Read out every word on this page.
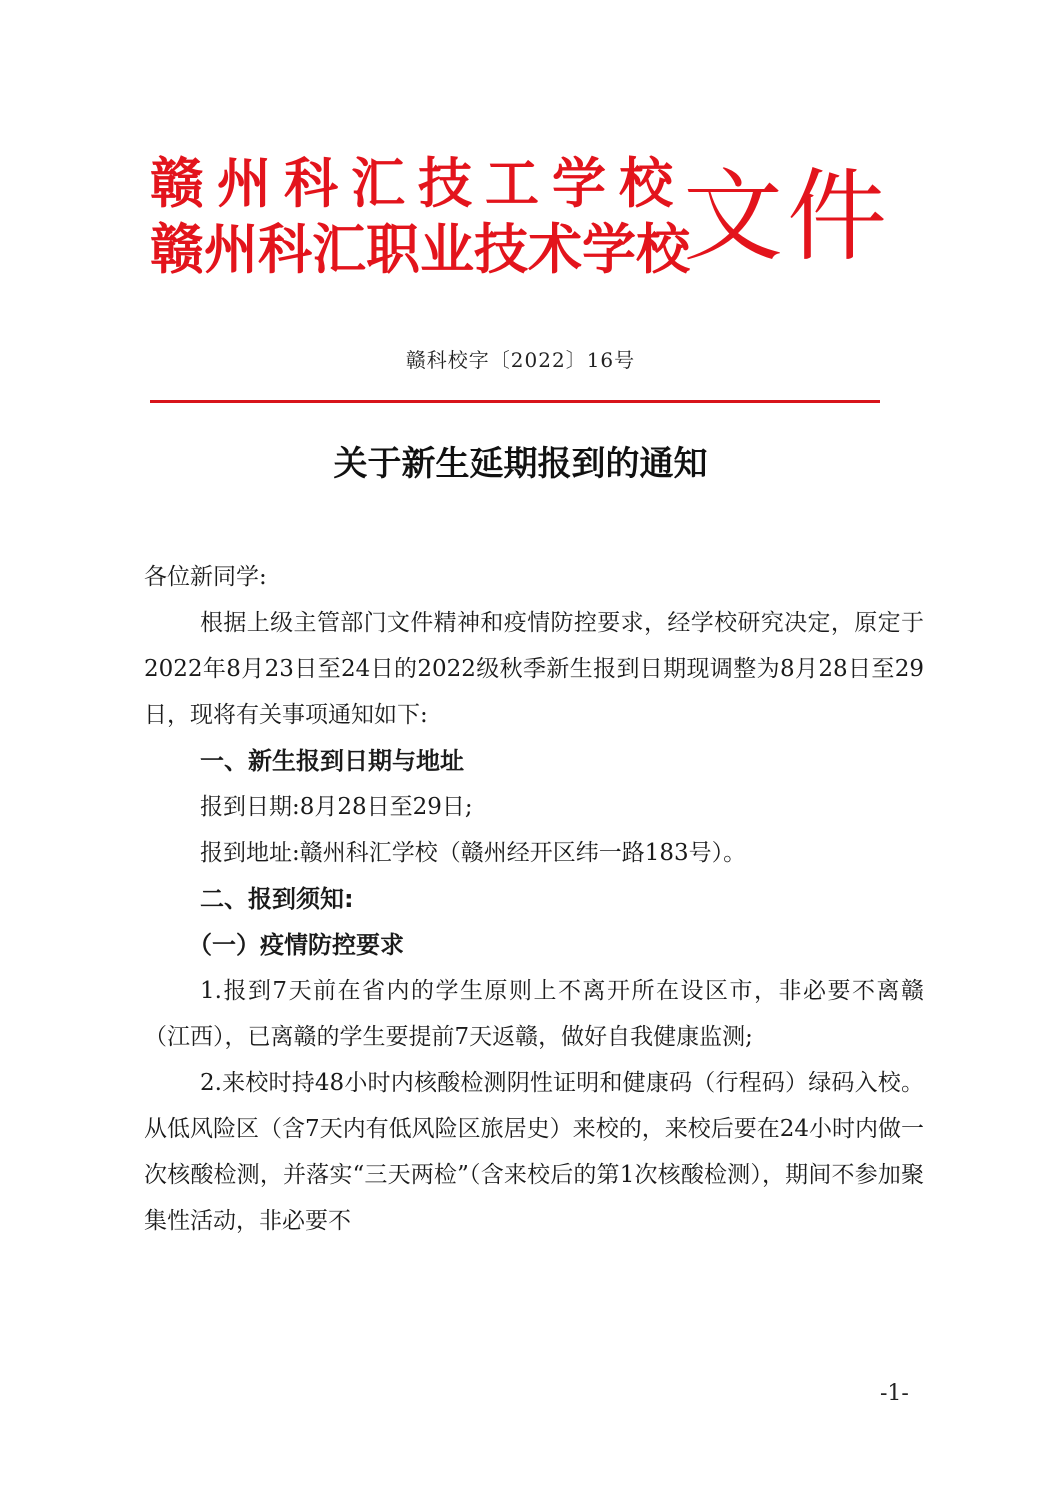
赣州科汇技工学校
赣州科汇职业技术学校
文件
赣科校字〔2022〕16号
关于新生延期报到的通知

各位新同学:

根据上级主管部门文件精神和疫情防控要求，经学校研究决定，原定于2022年8月23日至24日的2022级秋季新生报到日期现调整为8月28日至29日，现将有关事项通知如下:

一、新生报到日期与地址

报到日期:8月28日至29日;

报到地址:赣州科汇学校（赣州经开区纬一路183号）。

二、报到须知:

（一）疫情防控要求

1.报到7天前在省内的学生原则上不离开所在设区市，非必要不离赣（江西），已离赣的学生要提前7天返赣，做好自我健康监测;

2.来校时持48小时内核酸检测阴性证明和健康码（行程码）绿码入校。从低风险区（含7天内有低风险区旅居史）来校的，来校后要在24小时内做一次核酸检测，并落实“三天两检”（含来校后的第1次核酸检测），期间不参加聚集性活动，非必要不

-1-
